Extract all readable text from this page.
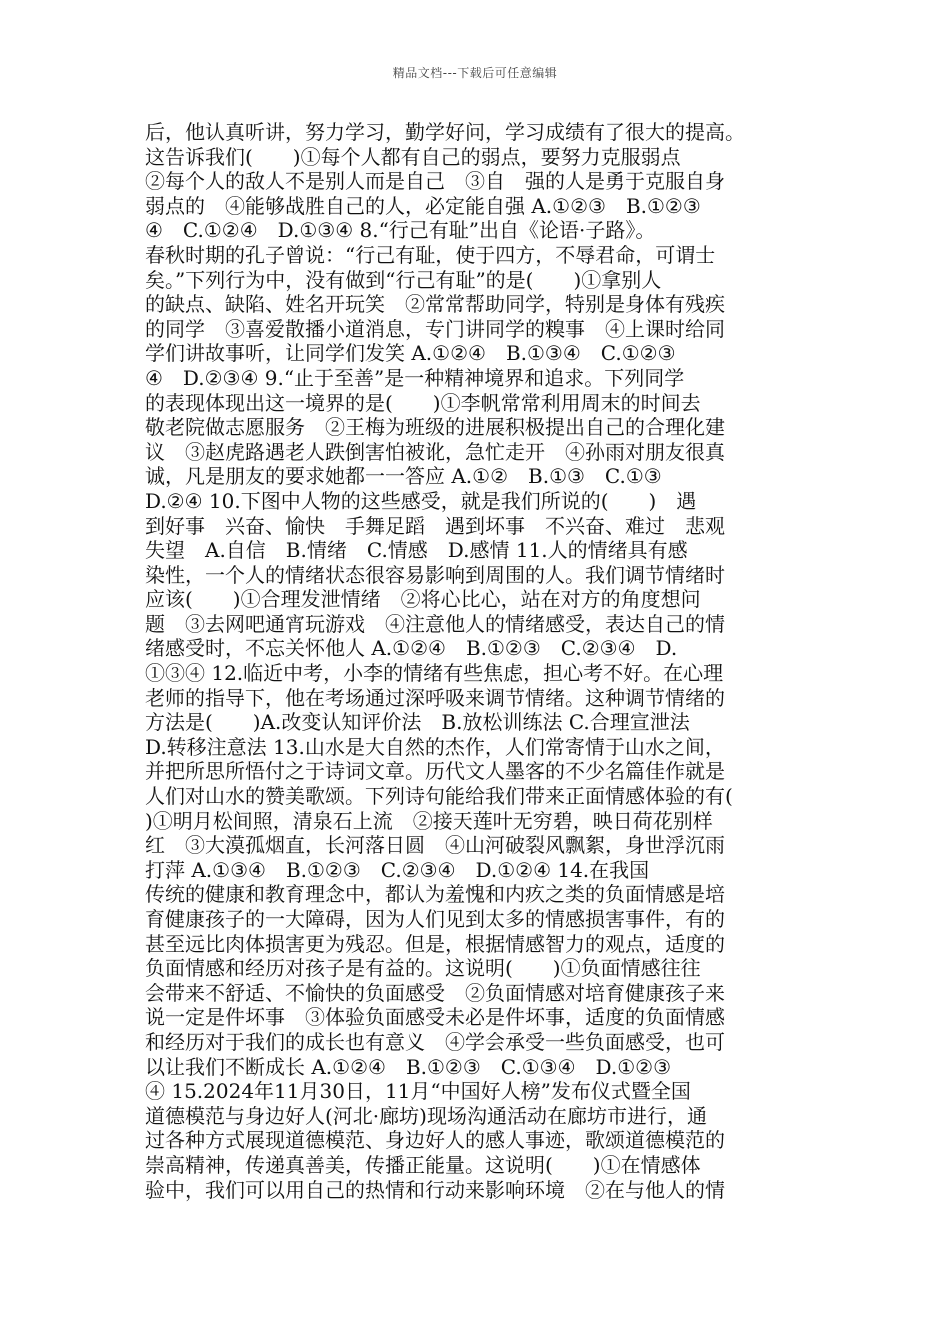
精品文档---下载后可任意编辑
后，他认真听讲，努力学习，勤学好问，学习成绩有了很大的提高。
这告诉我们(　　)①每个人都有自己的弱点，要努力克服弱点
②每个人的敌人不是别人而是自己　③自　强的人是勇于克服自身
弱点的　④能够战胜自己的人，必定能自强 A.①②③　B.①②③
④　C.①②④　D.①③④ 8.“行己有耻”出自《论语·子路》。
春秋时期的孔子曾说：“行己有耻，使于四方，不辱君命，可谓士
矣。”下列行为中，没有做到“行己有耻”的是(　　)①拿别人
的缺点、缺陷、姓名开玩笑　②常常帮助同学，特别是身体有残疾
的同学　③喜爱散播小道消息，专门讲同学的糗事　④上课时给同
学们讲故事听，让同学们发笑 A.①②④　B.①③④　C.①②③
④　D.②③④ 9.“止于至善”是一种精神境界和追求。下列同学
的表现体现出这一境界的是(　　)①李帆常常利用周末的时间去
敬老院做志愿服务　②王梅为班级的进展积极提出自己的合理化建
议　③赵虎路遇老人跌倒害怕被讹，急忙走开　④孙雨对朋友很真
诚，凡是朋友的要求她都一一答应 A.①②　B.①③　C.①③
D.②④ 10.下图中人物的这些感受，就是我们所说的(　　)　遇
到好事　兴奋、愉快　手舞足蹈　遇到坏事　不兴奋、难过　悲观
失望　A.自信　B.情绪　C.情感　D.感情 11.人的情绪具有感
染性，一个人的情绪状态很容易影响到周围的人。我们调节情绪时
应该(　　)①合理发泄情绪　②将心比心，站在对方的角度想问
题　③去网吧通宵玩游戏　④注意他人的情绪感受，表达自己的情
绪感受时，不忘关怀他人 A.①②④　B.①②③　C.②③④　D.
①③④ 12.临近中考，小李的情绪有些焦虑，担心考不好。在心理
老师的指导下，他在考场通过深呼吸来调节情绪。这种调节情绪的
方法是(　　)A.改变认知评价法　B.放松训练法 C.合理宣泄法
D.转移注意法 13.山水是大自然的杰作，人们常寄情于山水之间，
并把所思所悟付之于诗词文章。历代文人墨客的不少名篇佳作就是
人们对山水的赞美歌颂。下列诗句能给我们带来正面情感体验的有(
)①明月松间照，清泉石上流　②接天莲叶无穷碧，映日荷花别样
红　③大漠孤烟直，长河落日圆　④山河破裂风飘絮，身世浮沉雨
打萍 A.①③④　B.①②③　C.②③④　D.①②④ 14.在我国
传统的健康和教育理念中，都认为羞愧和内疚之类的负面情感是培
育健康孩子的一大障碍，因为人们见到太多的情感损害事件，有的
甚至远比肉体损害更为残忍。但是，根据情感智力的观点，适度的
负面情感和经历对孩子是有益的。这说明(　　)①负面情感往往
会带来不舒适、不愉快的负面感受　②负面情感对培育健康孩子来
说一定是件坏事　③体验负面感受未必是件坏事，适度的负面情感
和经历对于我们的成长也有意义　④学会承受一些负面感受，也可
以让我们不断成长 A.①②④　B.①②③　C.①③④　D.①②③
④ 15.2024年11月30日，11月“中国好人榜”发布仪式暨全国
道德模范与身边好人(河北·廊坊)现场沟通活动在廊坊市进行，通
过各种方式展现道德模范、身边好人的感人事迹，歌颂道德模范的
崇高精神，传递真善美，传播正能量。这说明(　　)①在情感体
验中，我们可以用自己的热情和行动来影响环境　②在与他人的情
